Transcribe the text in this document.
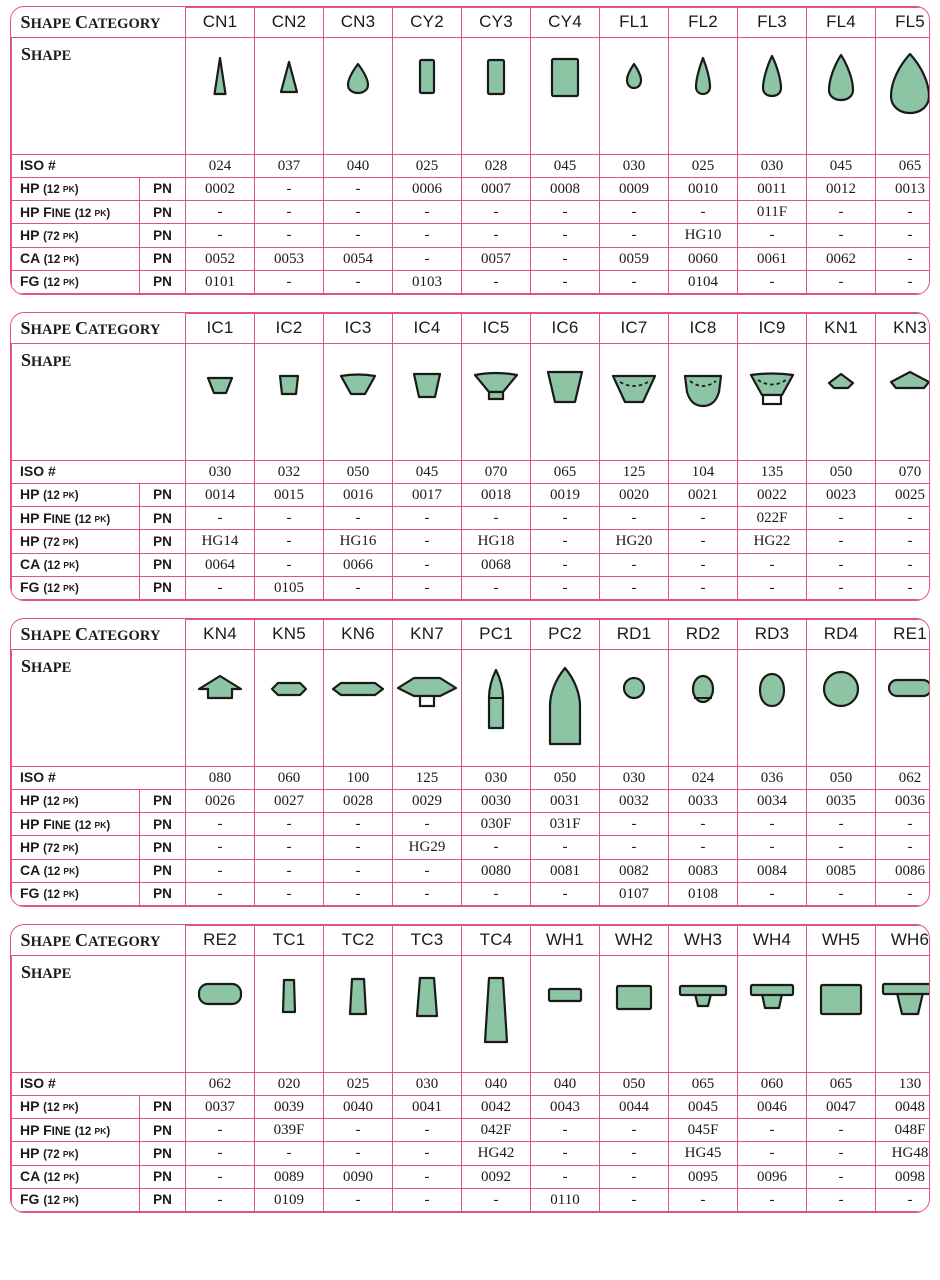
SHAPE CATEGORY		CN1	CN2	CN3	CY2	CY3	CY4	FL1	FL2	FL3	FL4	FL5
SHAPE	

ISO #		024	037	040	025	028	045	030	025	030	045	065
HP (12 PK)	PN	0002	-	-	0006	0007	0008	0009	0010	0011	0012	0013
HP FINE (12 PK)	PN	-	-	-	-	-	-	-	-	011F	-	-
HP (72 PK)	PN	-	-	-	-	-	-	-	HG10	-	-	-
CA (12 PK)	PN	0052	0053	0054	-	0057	-	0059	0060	0061	0062	-
FG (12 PK)	PN	0101	-	-	0103	-	-	-	0104	-	-	-
SHAPE CATEGORY		IC1	IC2	IC3	IC4	IC5	IC6	IC7	IC8	IC9	KN1	KN3
SHAPE	

ISO #		030	032	050	045	070	065	125	104	135	050	070
HP (12 PK)	PN	0014	0015	0016	0017	0018	0019	0020	0021	0022	0023	0025
HP FINE (12 PK)	PN	-	-	-	-	-	-	-	-	022F	-	-
HP (72 PK)	PN	HG14	-	HG16	-	HG18	-	HG20	-	HG22	-	-
CA (12 PK)	PN	0064	-	0066	-	0068	-	-	-	-	-	-
FG (12 PK)	PN	-	0105	-	-	-	-	-	-	-	-	-
SHAPE CATEGORY		KN4	KN5	KN6	KN7	PC1	PC2	RD1	RD2	RD3	RD4	RE1
SHAPE	

ISO #		080	060	100	125	030	050	030	024	036	050	062
HP (12 PK)	PN	0026	0027	0028	0029	0030	0031	0032	0033	0034	0035	0036
HP FINE (12 PK)	PN	-	-	-	-	030F	031F	-	-	-	-	-
HP (72 PK)	PN	-	-	-	HG29	-	-	-	-	-	-	-
CA (12 PK)	PN	-	-	-	-	0080	0081	0082	0083	0084	0085	0086
FG (12 PK)	PN	-	-	-	-	-	-	0107	0108	-	-	-
SHAPE CATEGORY		RE2	TC1	TC2	TC3	TC4	WH1	WH2	WH3	WH4	WH5	WH6
SHAPE	

ISO #		062	020	025	030	040	040	050	065	060	065	130
HP (12 PK)	PN	0037	0039	0040	0041	0042	0043	0044	0045	0046	0047	0048
HP FINE (12 PK)	PN	-	039F	-	-	042F	-	-	045F	-	-	048F
HP (72 PK)	PN	-	-	-	-	HG42	-	-	HG45	-	-	HG48
CA (12 PK)	PN	-	0089	0090	-	0092	-	-	0095	0096	-	0098
FG (12 PK)	PN	-	0109	-	-	-	0110	-	-	-	-	-
